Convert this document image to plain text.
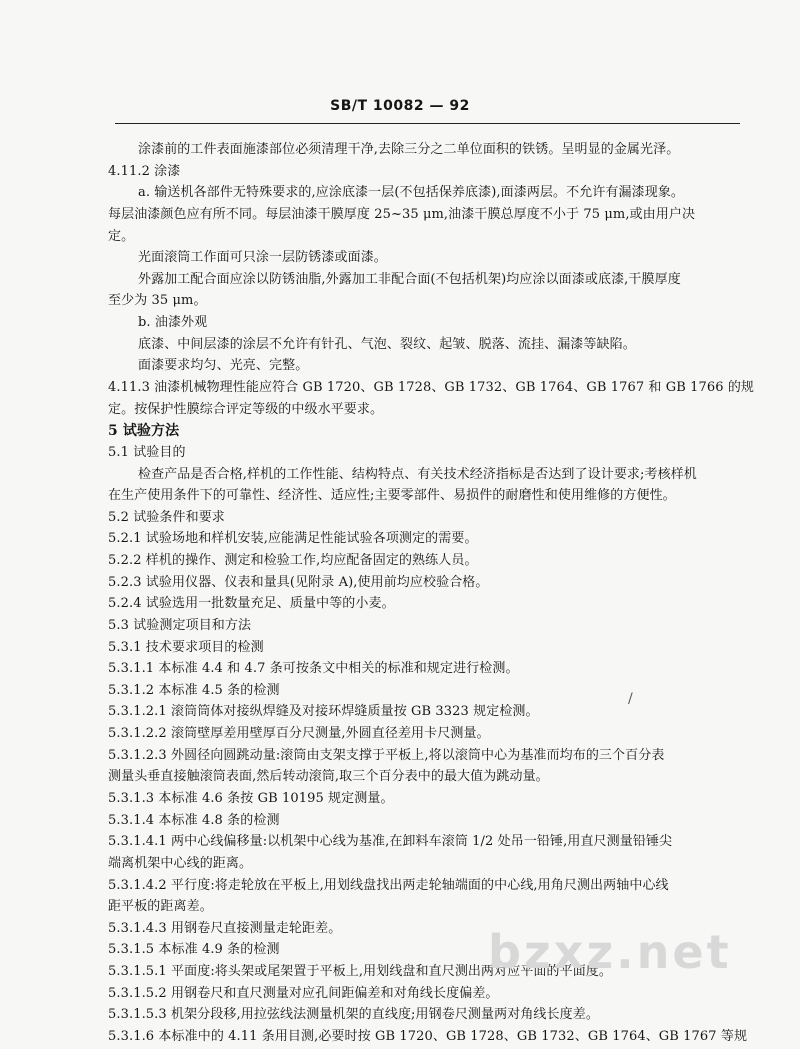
SB/T 10082 — 92
涂漆前的工件表面施漆部位必须清理干净,去除三分之二单位面积的铁锈。呈明显的金属光泽。
4.11.2 涂漆
a. 输送机各部件无特殊要求的,应涂底漆一层(不包括保养底漆),面漆两层。不允许有漏漆现象。
每层油漆颜色应有所不同。每层油漆干膜厚度 25~35 μm,油漆干膜总厚度不小于 75 μm,或由用户决
定。
光面滚筒工作面可只涂一层防锈漆或面漆。
外露加工配合面应涂以防锈油脂,外露加工非配合面(不包括机架)均应涂以面漆或底漆,干膜厚度
至少为 35 μm。
b. 油漆外观
底漆、中间层漆的涂层不允许有针孔、气泡、裂纹、起皱、脱落、流挂、漏漆等缺陷。
面漆要求均匀、光亮、完整。
4.11.3 油漆机械物理性能应符合 GB 1720、GB 1728、GB 1732、GB 1764、GB 1767 和 GB 1766 的规
定。按保护性膜综合评定等级的中级水平要求。
5 试验方法
5.1 试验目的
检查产品是否合格,样机的工作性能、结构特点、有关技术经济指标是否达到了设计要求;考核样机
在生产使用条件下的可靠性、经济性、适应性;主要零部件、易损件的耐磨性和使用维修的方便性。
5.2 试验条件和要求
5.2.1 试验场地和样机安装,应能满足性能试验各项测定的需要。
5.2.2 样机的操作、测定和检验工作,均应配备固定的熟练人员。
5.2.3 试验用仪器、仪表和量具(见附录 A),使用前均应校验合格。
5.2.4 试验选用一批数量充足、质量中等的小麦。
5.3 试验测定项目和方法
5.3.1 技术要求项目的检测
5.3.1.1 本标准 4.4 和 4.7 条可按条文中相关的标准和规定进行检测。
5.3.1.2 本标准 4.5 条的检测
5.3.1.2.1 滚筒筒体对接纵焊缝及对接环焊缝质量按 GB 3323 规定检测。
5.3.1.2.2 滚筒壁厚差用壁厚百分尺测量,外圆直径差用卡尺测量。
5.3.1.2.3 外圆径向圆跳动量:滚筒由支架支撑于平板上,将以滚筒中心为基准而均布的三个百分表
测量头垂直接触滚筒表面,然后转动滚筒,取三个百分表中的最大值为跳动量。
5.3.1.3 本标准 4.6 条按 GB 10195 规定测量。
5.3.1.4 本标准 4.8 条的检测
5.3.1.4.1 两中心线偏移量:以机架中心线为基准,在卸料车滚筒 1/2 处吊一铅锤,用直尺测量铅锤尖
端离机架中心线的距离。
5.3.1.4.2 平行度:将走轮放在平板上,用划线盘找出两走轮轴端面的中心线,用角尺测出两轴中心线
距平板的距离差。
5.3.1.4.3 用钢卷尺直接测量走轮距差。
5.3.1.5 本标准 4.9 条的检测
5.3.1.5.1 平面度:将头架或尾架置于平板上,用划线盘和直尺测出两对应平面的平面度。
5.3.1.5.2 用钢卷尺和直尺测量对应孔间距偏差和对角线长度偏差。
5.3.1.5.3 机架分段移,用拉弦线法测量机架的直线度;用钢卷尺测量两对角线长度差。
5.3.1.6 本标准中的 4.11 条用目测,必要时按 GB 1720、GB 1728、GB 1732、GB 1764、GB 1767 等规
/
bzxz.net
